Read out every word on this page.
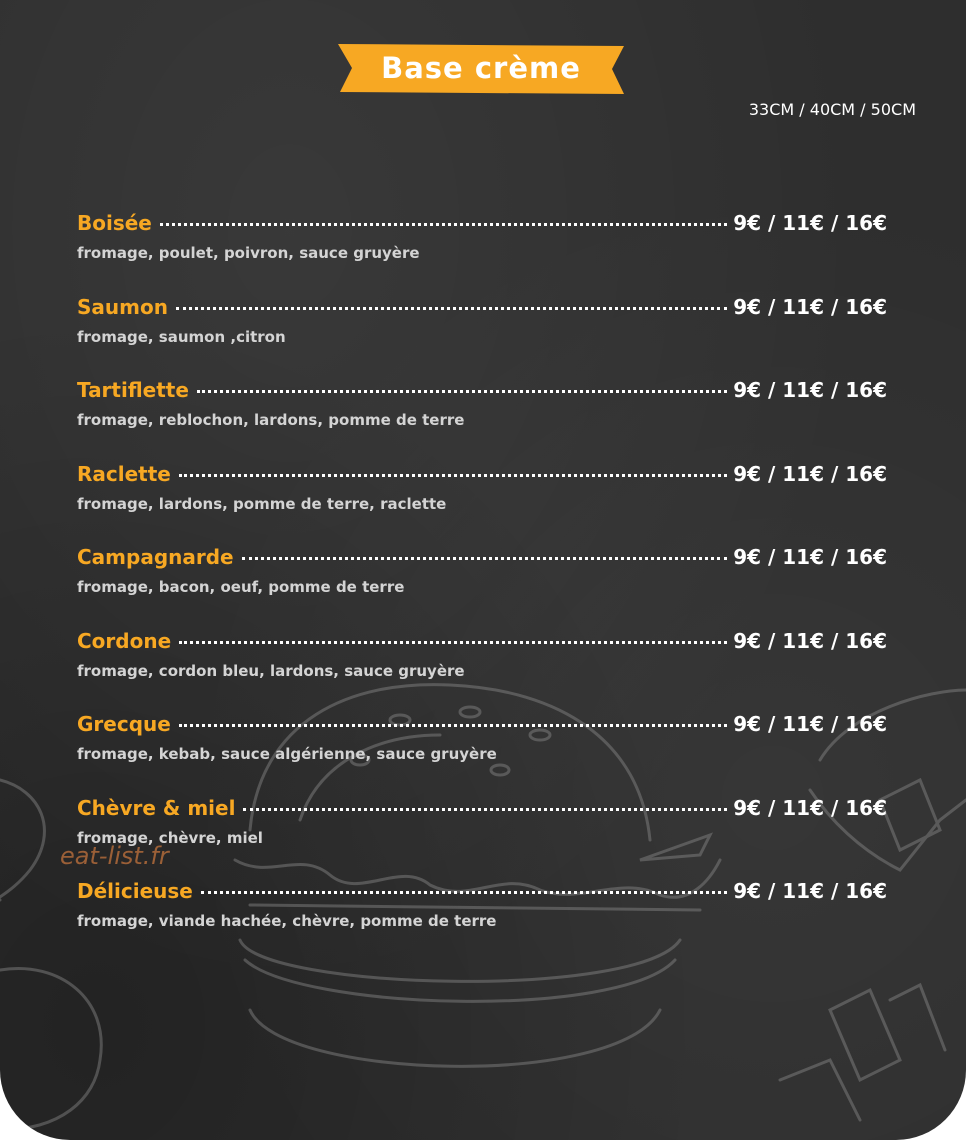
Base crème
33CM / 40CM / 50CM
Boisée	9€ / 11€ / 16€
fromage, poulet, poivron, sauce gruyère
Saumon	9€ / 11€ / 16€
fromage, saumon ,citron
Tartiflette	9€ / 11€ / 16€
fromage, reblochon, lardons, pomme de terre
Raclette	9€ / 11€ / 16€
fromage, lardons, pomme de terre, raclette
Campagnarde	9€ / 11€ / 16€
fromage, bacon, oeuf, pomme de terre
Cordone	9€ / 11€ / 16€
fromage, cordon bleu, lardons, sauce gruyère
Grecque	9€ / 11€ / 16€
fromage, kebab, sauce algérienne, sauce gruyère
Chèvre & miel	9€ / 11€ / 16€
fromage, chèvre, miel
Délicieuse	9€ / 11€ / 16€
fromage, viande hachée, chèvre, pomme de terre
eat-list.fr
